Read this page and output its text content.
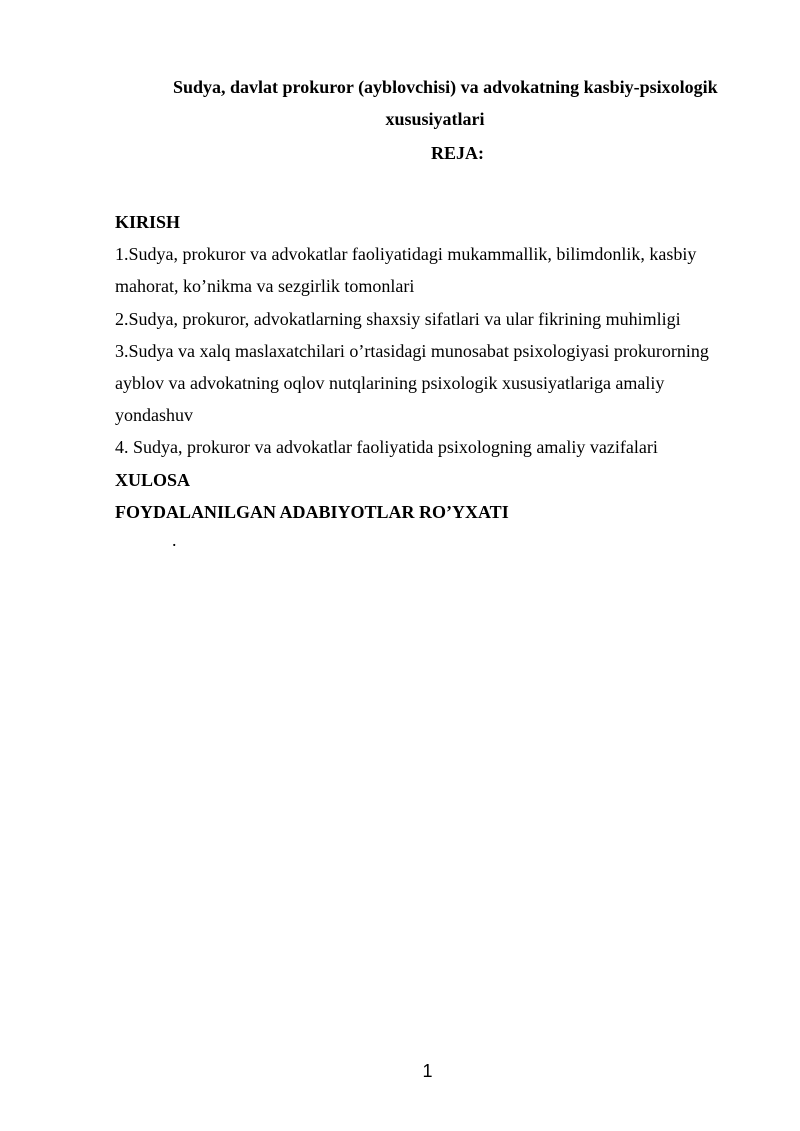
Sudya, davlat prokuror (ayblovchisi) va advokatning kasbiy-psixologik
xususiyatlari
REJA:

KIRISH

1.Sudya, prokuror va advokatlar faoliyatidagi mukammallik, bilimdonlik, kasbiy mahorat, ko’nikma va sezgirlik tomonlari

2.Sudya, prokuror, advokatlarning shaxsiy sifatlari va ular fikrining muhimligi

3.Sudya va xalq maslaxatchilari o’rtasidagi munosabat psixologiyasi prokurorning ayblov va advokatning oqlov nutqlarining psixologik xususiyatlariga amaliy yondashuv

4. Sudya, prokuror va advokatlar faoliyatida psixologning amaliy vazifalari

XULOSA

FOYDALANILGAN ADABIYOTLAR RO’YXATI

.
1
